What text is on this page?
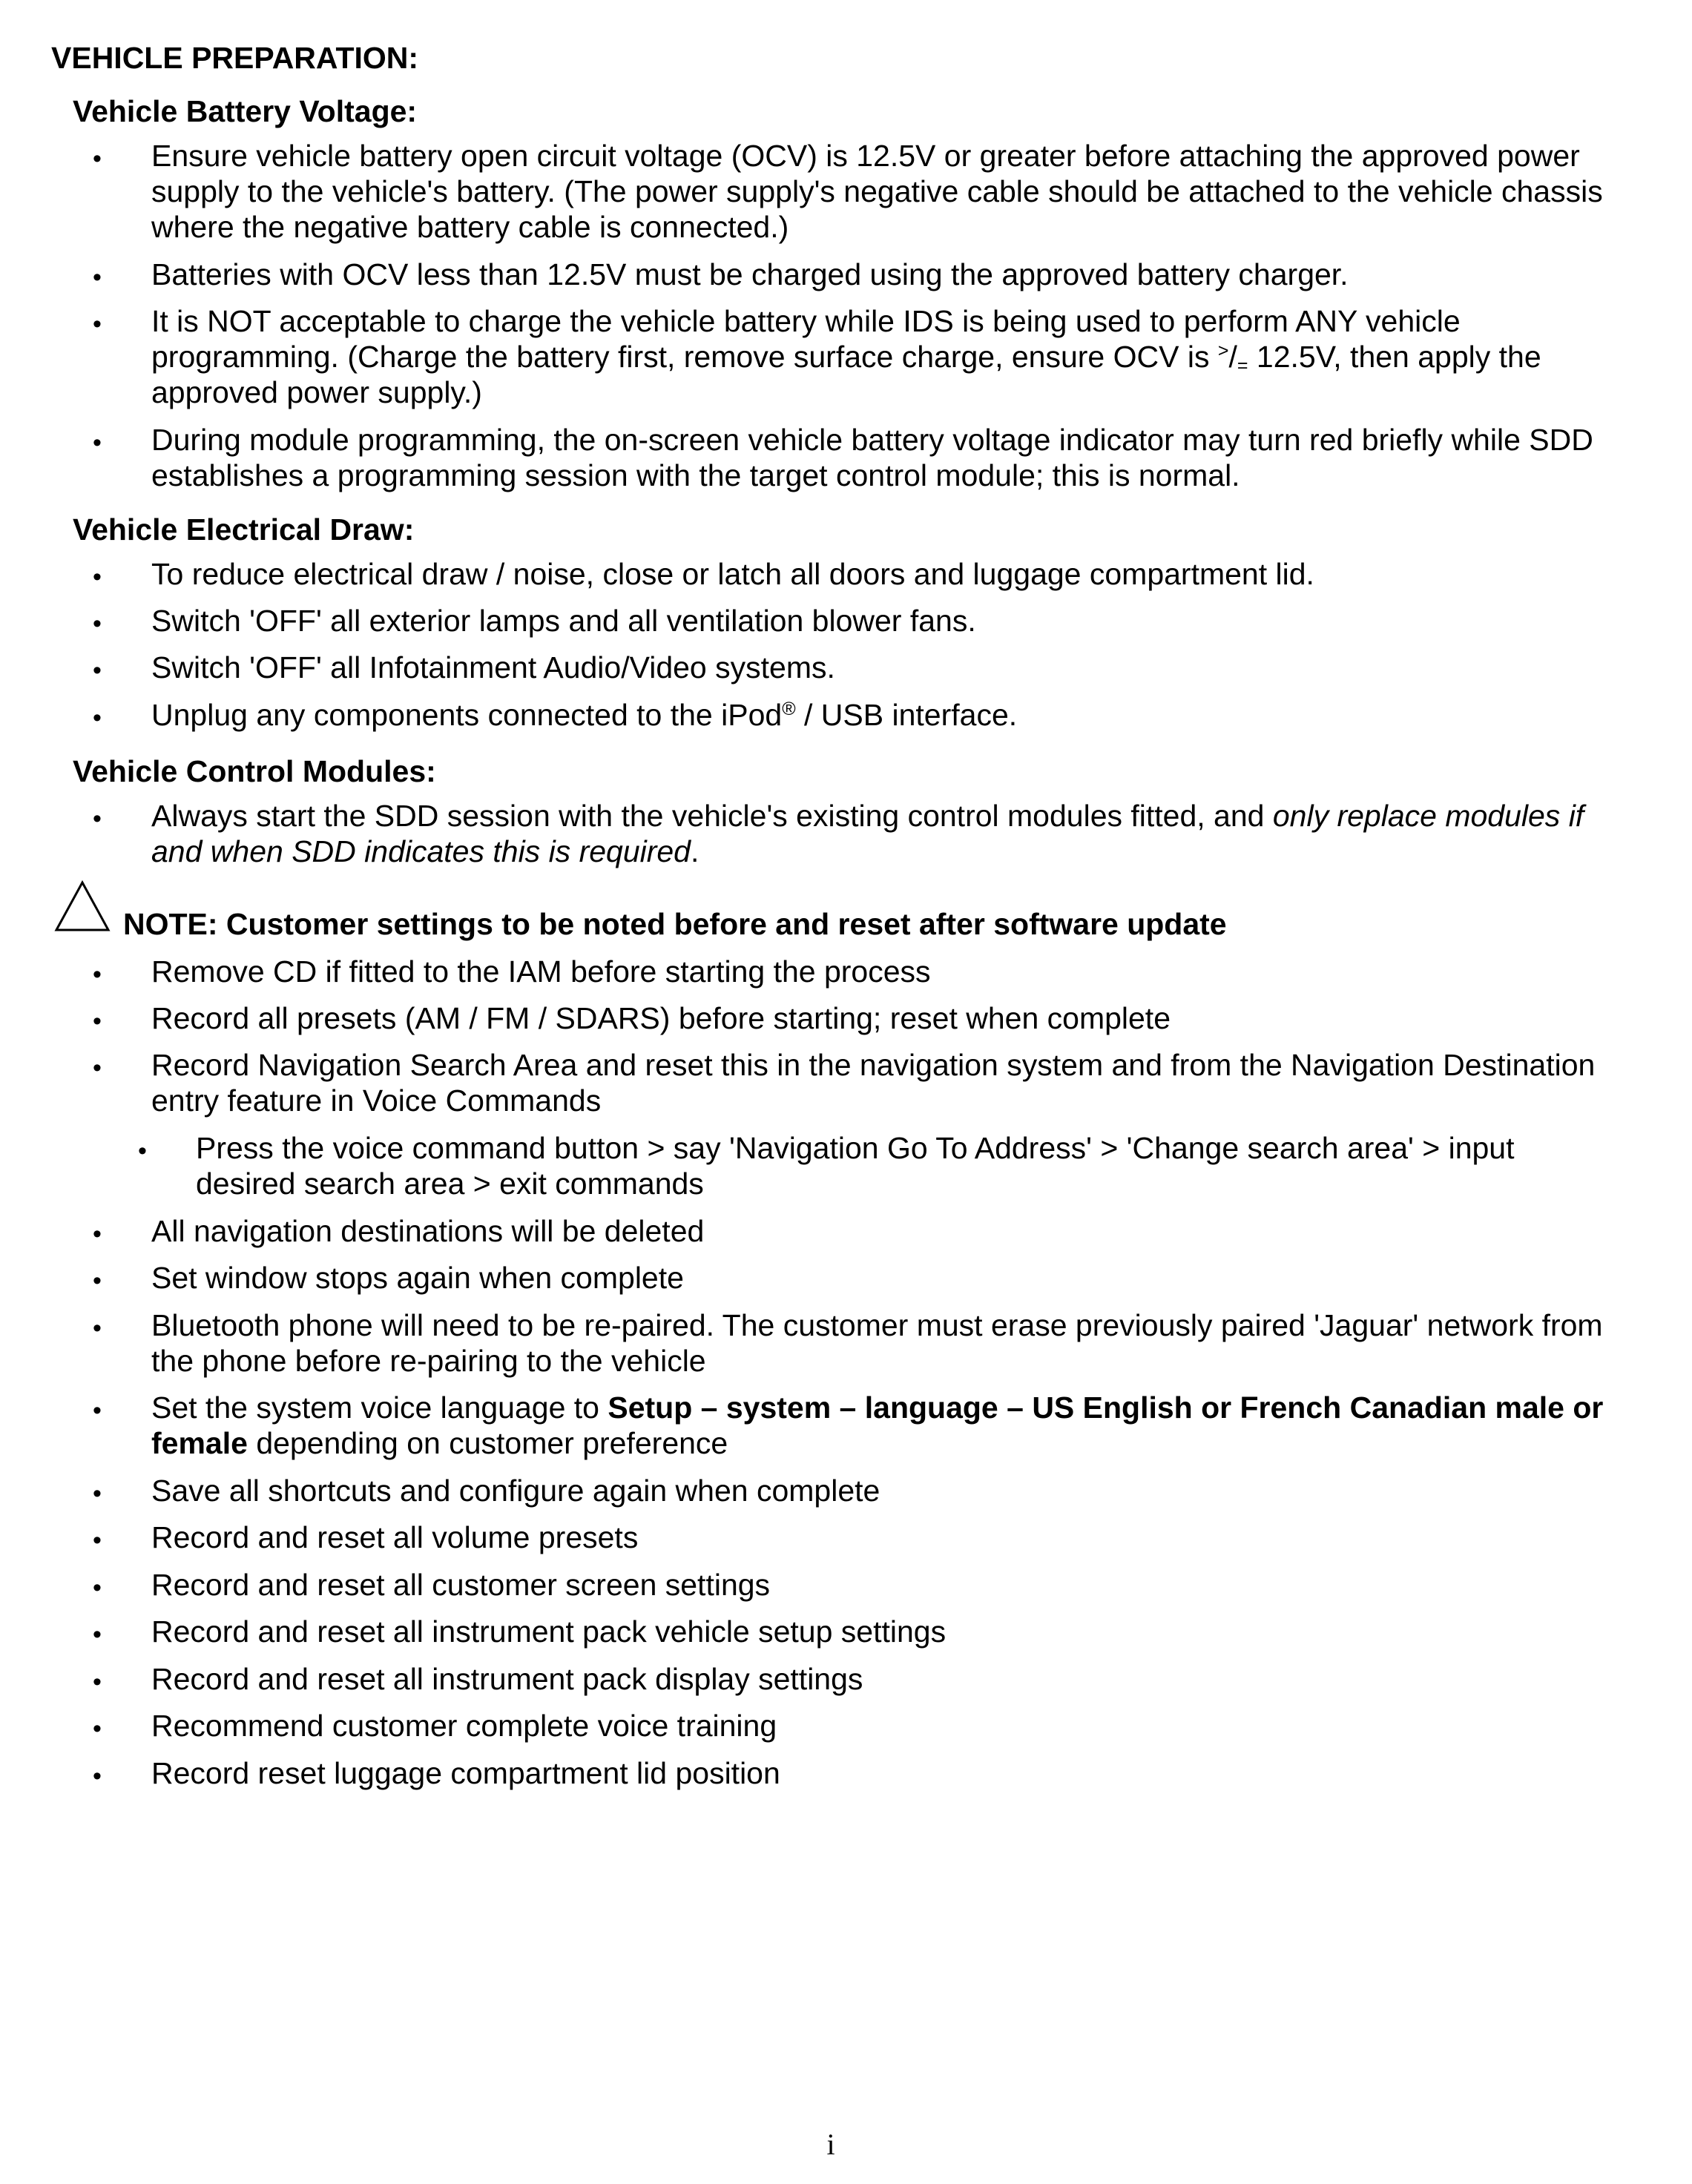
VEHICLE PREPARATION:
Vehicle Battery Voltage:
• Ensure vehicle battery open circuit voltage (OCV) is 12.5V or greater before attaching the approved power supply to the vehicle's battery. (The power supply's negative cable should be attached to the vehicle chassis where the negative battery cable is connected.)
• Batteries with OCV less than 12.5V must be charged using the approved battery charger.
• It is NOT acceptable to charge the vehicle battery while IDS is being used to perform ANY vehicle programming. (Charge the battery first, remove surface charge, ensure OCV is $^>/_=$ 12.5V, then apply the approved power supply.)
• During module programming, the on-screen vehicle battery voltage indicator may turn red briefly while SDD establishes a programming session with the target control module; this is normal.
Vehicle Electrical Draw:
• To reduce electrical draw / noise, close or latch all doors and luggage compartment lid.
• Switch 'OFF' all exterior lamps and all ventilation blower fans.
• Switch 'OFF' all Infotainment Audio/Video systems.
• Unplug any components connected to the iPod® / USB interface.
Vehicle Control Modules:
• Always start the SDD session with the vehicle's existing control modules fitted, and only replace modules if and when SDD indicates this is required.
NOTE: Customer settings to be noted before and reset after software update
• Remove CD if fitted to the IAM before starting the process
• Record all presets (AM / FM / SDARS) before starting; reset when complete
• Record Navigation Search Area and reset this in the navigation system and from the Navigation Destination entry feature in Voice Commands
• Press the voice command button > say 'Navigation Go To Address' > 'Change search area' > input desired search area > exit commands
• All navigation destinations will be deleted
• Set window stops again when complete
• Bluetooth phone will need to be re-paired. The customer must erase previously paired 'Jaguar' network from the phone before re-pairing to the vehicle
• Set the system voice language to Setup – system – language – US English or French Canadian male or female depending on customer preference
• Save all shortcuts and configure again when complete
• Record and reset all volume presets
• Record and reset all customer screen settings
• Record and reset all instrument pack vehicle setup settings
• Record and reset all instrument pack display settings
• Recommend customer complete voice training
• Record reset luggage compartment lid position
i
